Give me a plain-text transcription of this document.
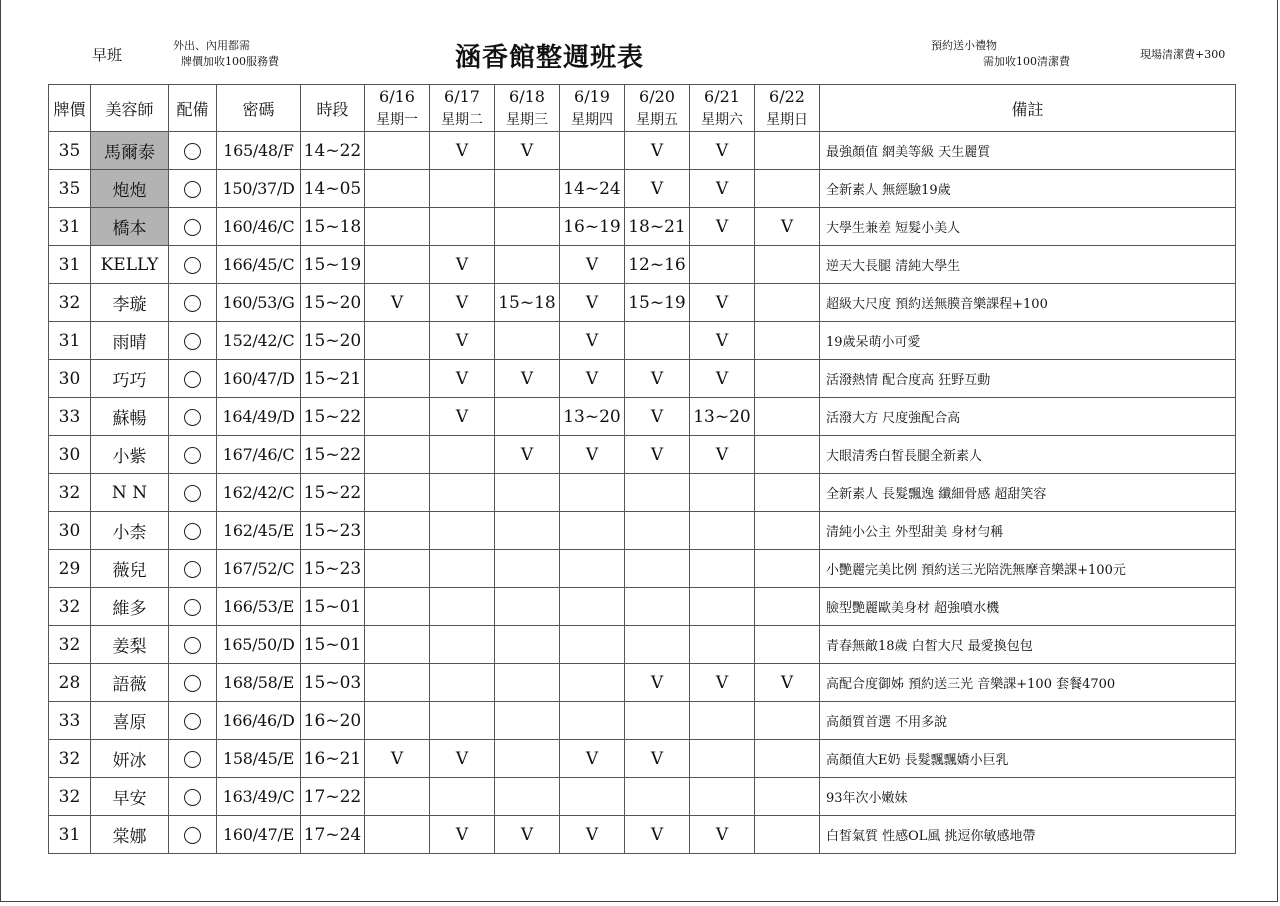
早班
外出、內用都需
牌價加收100服務費	涵香館整週班表	預約送小禮物
需加收100清潔費
現場清潔費+300
牌價	美容師	配備	密碼	時段	6/16	6/17	6/18	6/19	6/20	6/21	6/22	備註
					星期一	星期二	星期三	星期四	星期五	星期六	星期日	
35	馬爾泰		165/48/F	14~22		V	V		V	V		最強顏值 網美等級 天生麗質
35	炮炮		150/37/D	14~05				14~24	V	V		全新素人 無經驗19歲
31	橋本		160/46/C	15~18				16~19	18~21	V	V	大學生兼差 短髮小美人
31	KELLY		166/45/C	15~19		V		V	12~16			逆天大長腿 清純大學生
32	李璇		160/53/G	15~20	V	V	15~18	V	15~19	V		超級大尺度 預約送無膜音樂課程+100
31	雨晴		152/42/C	15~20		V		V		V		19歲呆萌小可愛
30	巧巧		160/47/D	15~21		V	V	V	V	V		活潑熱情 配合度高 狂野互動
33	蘇暢		164/49/D	15~22		V		13~20	V	13~20		活潑大方 尺度強配合高
30	小紫		167/46/C	15~22			V	V	V	V		大眼清秀白皙長腿全新素人
32	N N		162/42/C	15~22								全新素人 長髮飄逸 纖細骨感 超甜笑容
30	小柰		162/45/E	15~23								清純小公主 外型甜美 身材勻稱
29	薇兒		167/52/C	15~23								小艷麗完美比例 預約送三光陪洗無摩音樂課+100元
32	維多		166/53/E	15~01								臉型艷麗歐美身材 超強噴水機
32	姜梨		165/50/D	15~01								青春無敵18歲 白皙大尺 最愛換包包
28	語薇		168/58/E	15~03					V	V	V	高配合度御姊 預約送三光 音樂課+100 套餐4700
33	喜原		166/46/D	16~20								高顏質首選 不用多說
32	妍冰		158/45/E	16~21	V	V		V	V			高顏值大E奶 長髮飄飄嬌小巨乳
32	早安		163/49/C	17~22								93年次小嫩妹
31	棠娜		160/47/E	17~24		V	V	V	V	V		白皙氣質 性感OL風 挑逗你敏感地帶
